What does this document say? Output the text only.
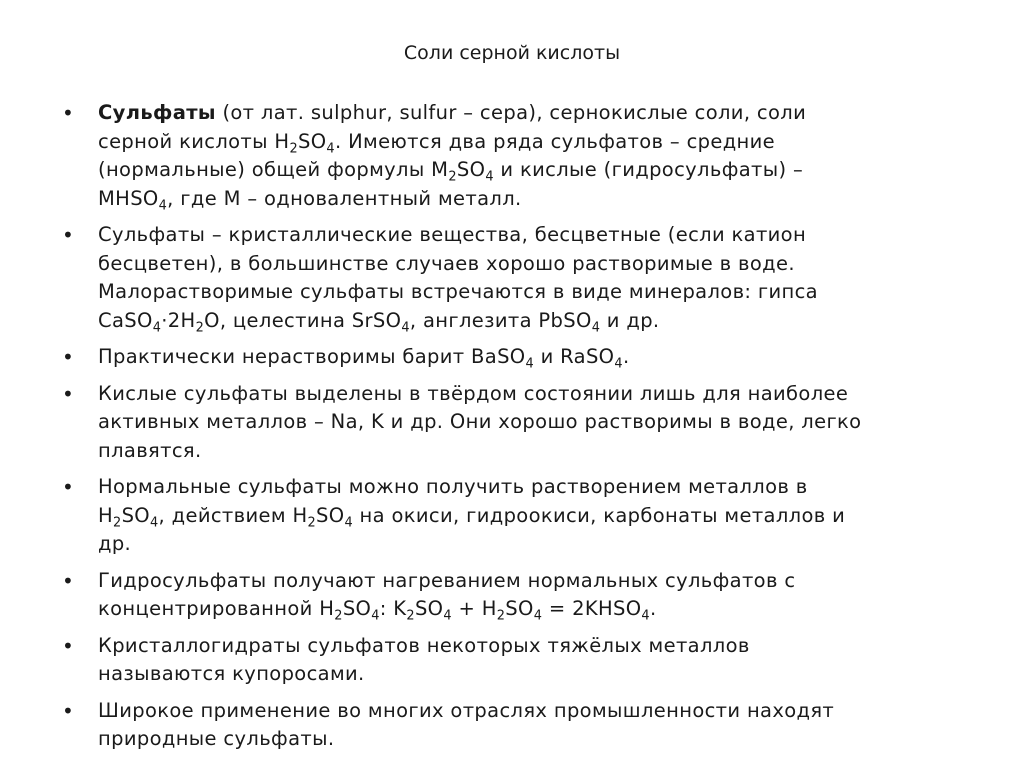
Соли серной кислоты
• Сульфаты (от лат. sulphur, sulfur – сера), сернокислые соли, соли
серной кислоты $H_2SO_4$. Имеются два ряда сульфатов – средние
(нормальные) общей формулы $M_2SO_4$ и кислые (гидросульфаты) –
$MHSO_4$, где M – одновалентный металл.
• Сульфаты – кристаллические вещества, бесцветные (если катион
бесцветен), в большинстве случаев хорошо растворимые в воде.
Малорастворимые сульфаты встречаются в виде минералов: гипса
$CaSO_4\cdot 2H_2O$, целестина SrSO$_4$, англезита PbSO$_4$ и др.
• Практически нерастворимы барит BaSO$_4$ и RaSO$_4$.
• Кислые сульфаты выделены в твёрдом состоянии лишь для наиболее
активных металлов – Na, K и др. Они хорошо растворимы в воде, легко
плавятся.
• Нормальные сульфаты можно получить растворением металлов в
$H_2SO_4$, действием $H_2SO_4$ на окиси, гидроокиси, карбонаты металлов и
др.
• Гидросульфаты получают нагреванием нормальных сульфатов с
концентрированной $H_2SO_4$: $K_2SO_4 + H_2SO_4$ = $2KHSO_4$.
• Кристаллогидраты сульфатов некоторых тяжёлых металлов
называются купоросами.
• Широкое применение во многих отраслях промышленности находят
природные сульфаты.
